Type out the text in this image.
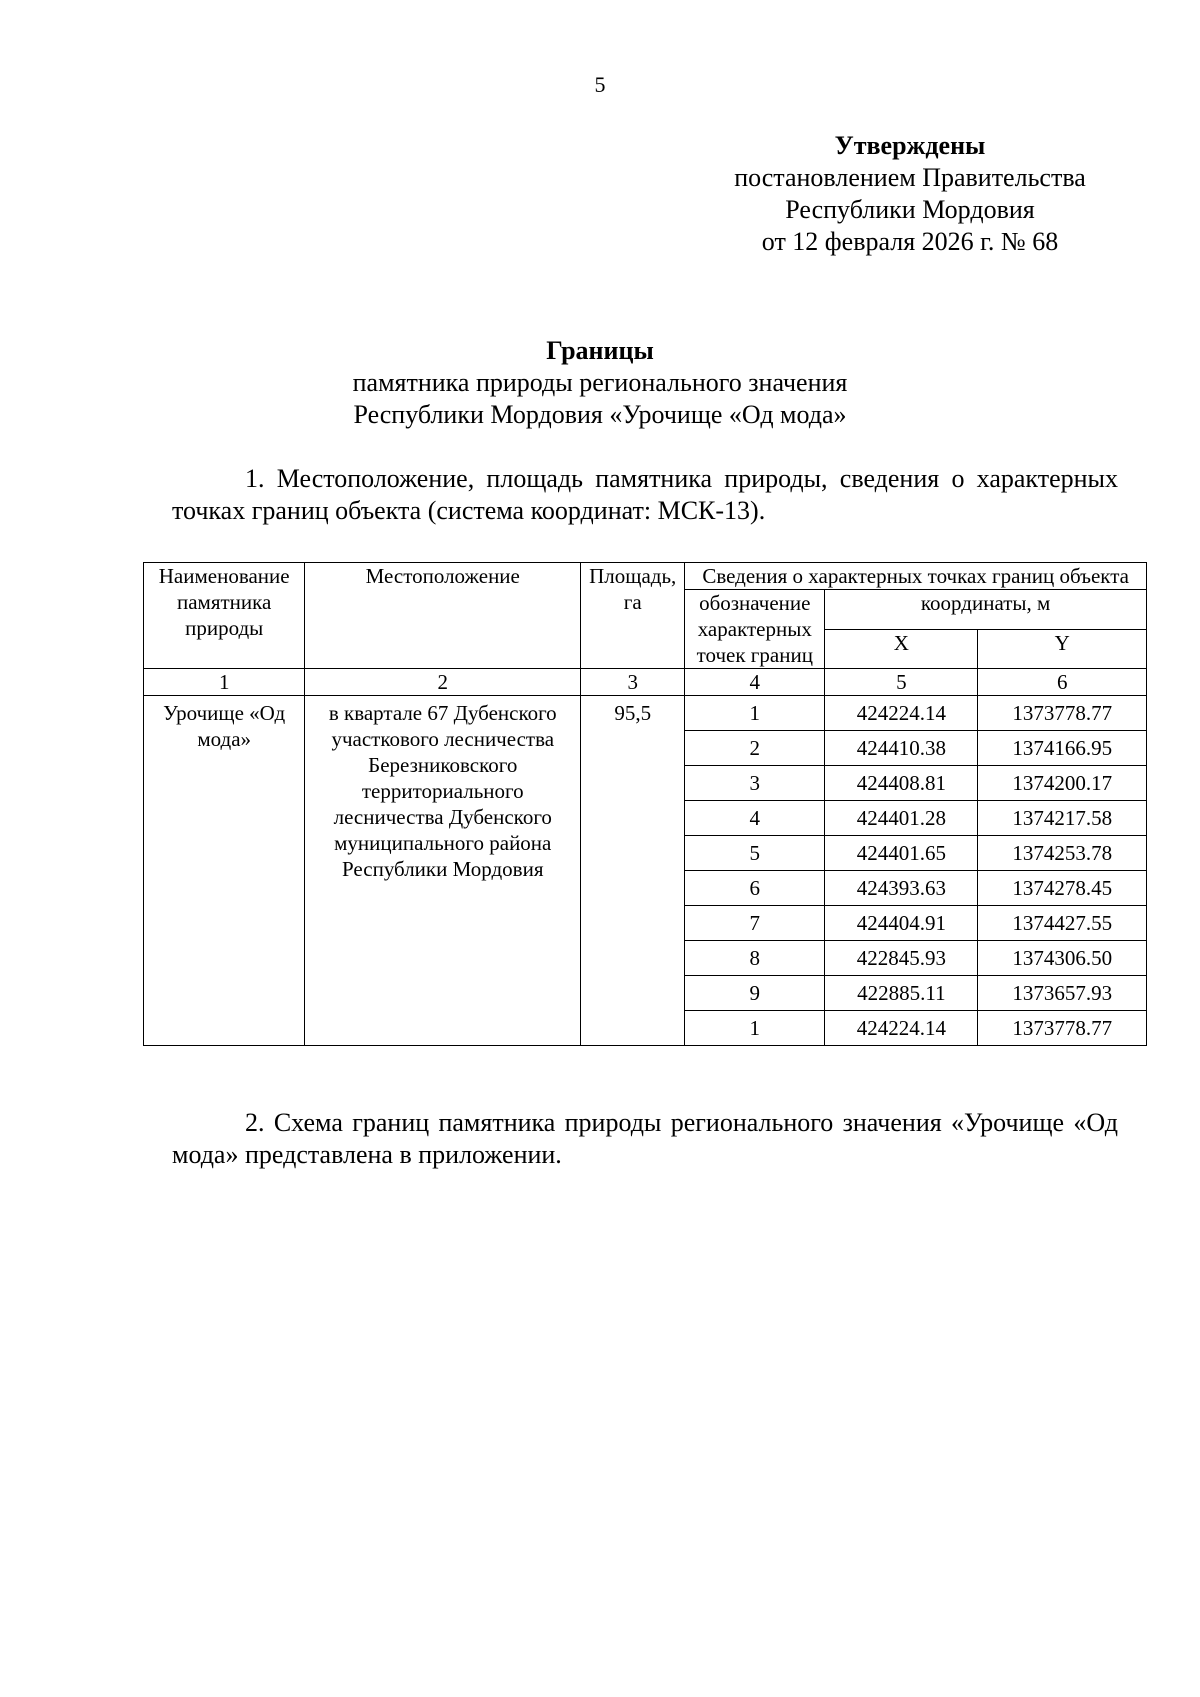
5
Утверждены
постановлением Правительства
Республики Мордовия
от 12 февраля 2026 г. № 68
Границы
памятника природы регионального значения
Республики Мордовия «Урочище «Од мода»
1. Местоположение, площадь памятника природы, сведения о характерных точках границ объекта (система координат: МСК-13).
Наименование памятника природы	Местоположение	Площадь, га	Сведения о характерных точках границ объекта		
			обозначение характерных точек границ	координаты, м	
				X	Y
1	2	3	4	5	6
Урочище «Од мода»	в квартале 67 Дубенского участкового лесничества Березниковского территориального лесничества Дубенского муниципального района Республики Мордовия	95,5	1	424224.14	1373778.77
			2	424410.38	1374166.95
			3	424408.81	1374200.17
			4	424401.28	1374217.58
			5	424401.65	1374253.78
			6	424393.63	1374278.45
			7	424404.91	1374427.55
			8	422845.93	1374306.50
			9	422885.11	1373657.93
			1	424224.14	1373778.77
2. Схема границ памятника природы регионального значения «Урочище «Од мода» представлена в приложении.
